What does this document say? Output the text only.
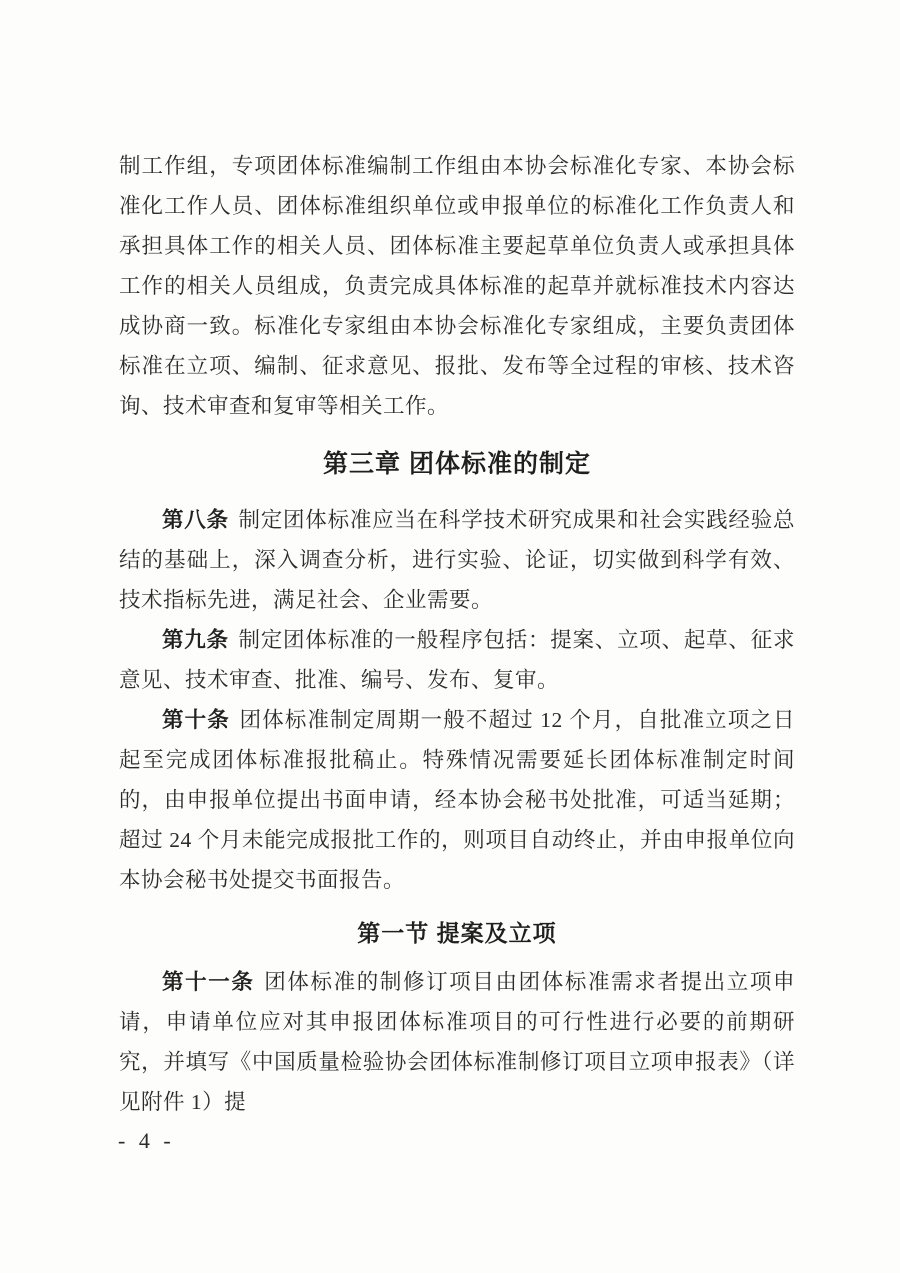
制工作组，专项团体标准编制工作组由本协会标准化专家、本协会标准化工作人员、团体标准组织单位或申报单位的标准化工作负责人和承担具体工作的相关人员、团体标准主要起草单位负责人或承担具体工作的相关人员组成，负责完成具体标准的起草并就标准技术内容达成协商一致。标准化专家组由本协会标准化专家组成，主要负责团体标准在立项、编制、征求意见、报批、发布等全过程的审核、技术咨询、技术审查和复审等相关工作。

第三章 团体标准的制定

第八条 制定团体标准应当在科学技术研究成果和社会实践经验总结的基础上，深入调查分析，进行实验、论证，切实做到科学有效、技术指标先进，满足社会、企业需要。

第九条 制定团体标准的一般程序包括：提案、立项、起草、征求意见、技术审查、批准、编号、发布、复审。

第十条 团体标准制定周期一般不超过 12 个月，自批准立项之日起至完成团体标准报批稿止。特殊情况需要延长团体标准制定时间的，由申报单位提出书面申请，经本协会秘书处批准，可适当延期；超过 24 个月未能完成报批工作的，则项目自动终止，并由申报单位向本协会秘书处提交书面报告。

第一节 提案及立项

第十一条 团体标准的制修订项目由团体标准需求者提出立项申请，申请单位应对其申报团体标准项目的可行性进行必要的前期研究，并填写《中国质量检验协会团体标准制修订项目立项申报表》（详见附件 1）提

- 4 -
